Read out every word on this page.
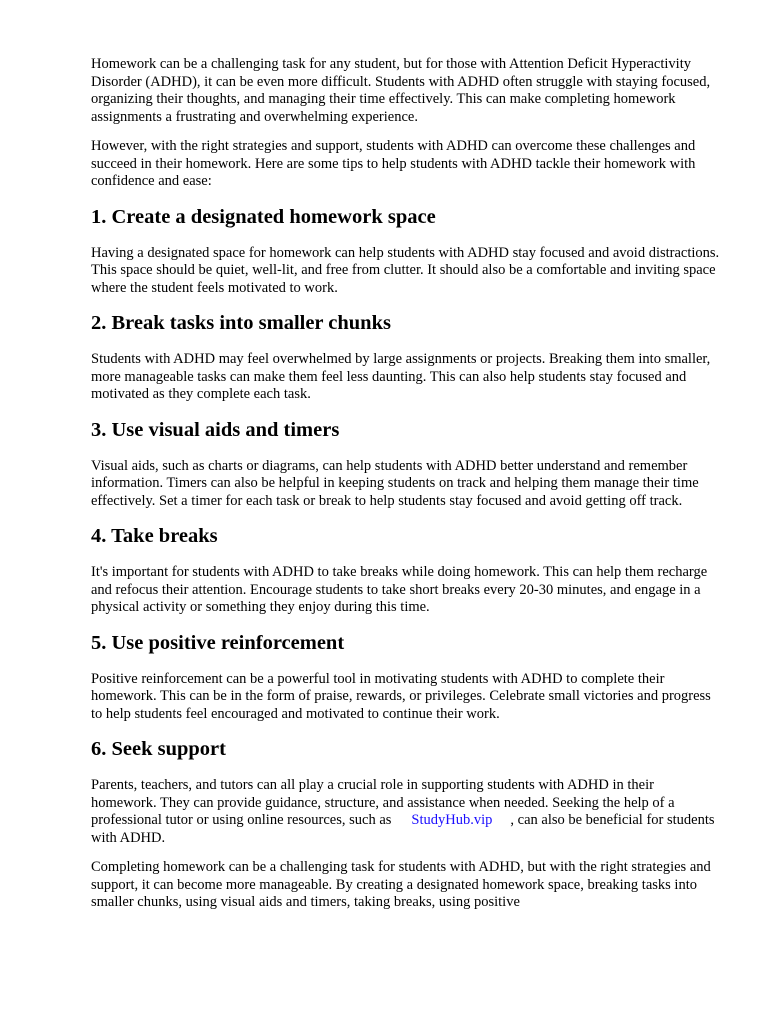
Homework can be a challenging task for any student, but for those with Attention Deficit Hyperactivity Disorder (ADHD), it can be even more difficult. Students with ADHD often struggle with staying focused, organizing their thoughts, and managing their time effectively. This can make completing homework assignments a frustrating and overwhelming experience.

However, with the right strategies and support, students with ADHD can overcome these challenges and succeed in their homework. Here are some tips to help students with ADHD tackle their homework with confidence and ease:

1. Create a designated homework space

Having a designated space for homework can help students with ADHD stay focused and avoid distractions. This space should be quiet, well-lit, and free from clutter. It should also be a comfortable and inviting space where the student feels motivated to work.

2. Break tasks into smaller chunks

Students with ADHD may feel overwhelmed by large assignments or projects. Breaking them into smaller, more manageable tasks can make them feel less daunting. This can also help students stay focused and motivated as they complete each task.

3. Use visual aids and timers

Visual aids, such as charts or diagrams, can help students with ADHD better understand and remember information. Timers can also be helpful in keeping students on track and helping them manage their time effectively. Set a timer for each task or break to help students stay focused and avoid getting off track.

4. Take breaks

It's important for students with ADHD to take breaks while doing homework. This can help them recharge and refocus their attention. Encourage students to take short breaks every 20-30 minutes, and engage in a physical activity or something they enjoy during this time.

5. Use positive reinforcement

Positive reinforcement can be a powerful tool in motivating students with ADHD to complete their homework. This can be in the form of praise, rewards, or privileges. Celebrate small victories and progress to help students feel encouraged and motivated to continue their work.

6. Seek support

Parents, teachers, and tutors can all play a crucial role in supporting students with ADHD in their homework. They can provide guidance, structure, and assistance when needed. Seeking the help of a professional tutor or using online resources, such as StudyHub.vip , can also be beneficial for students with ADHD.

Completing homework can be a challenging task for students with ADHD, but with the right strategies and support, it can become more manageable. By creating a designated homework space, breaking tasks into smaller chunks, using visual aids and timers, taking breaks, using positive
